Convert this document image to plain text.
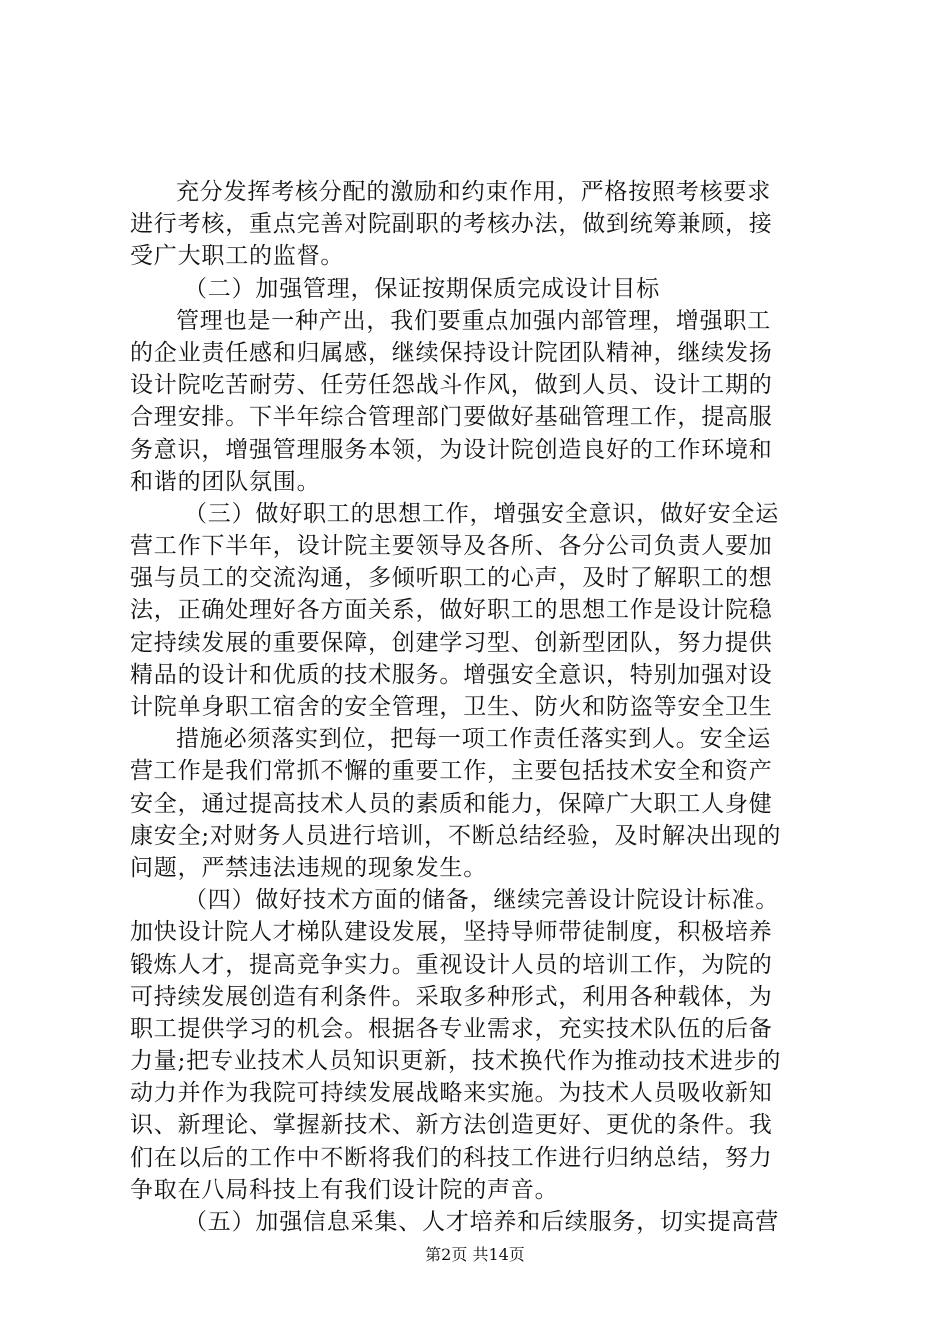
充分发挥考核分配的激励和约束作用，严格按照考核要求
进行考核，重点完善对院副职的考核办法，做到统筹兼顾，接
受广大职工的监督。
（二）加强管理，保证按期保质完成设计目标
管理也是一种产出，我们要重点加强内部管理，增强职工
的企业责任感和归属感，继续保持设计院团队精神，继续发扬
设计院吃苦耐劳、任劳任怨战斗作风，做到人员、设计工期的
合理安排。下半年综合管理部门要做好基础管理工作，提高服
务意识，增强管理服务本领，为设计院创造良好的工作环境和
和谐的团队氛围。
（三）做好职工的思想工作，增强安全意识，做好安全运
营工作下半年，设计院主要领导及各所、各分公司负责人要加
强与员工的交流沟通，多倾听职工的心声，及时了解职工的想
法，正确处理好各方面关系，做好职工的思想工作是设计院稳
定持续发展的重要保障，创建学习型、创新型团队，努力提供
精品的设计和优质的技术服务。增强安全意识，特别加强对设
计院单身职工宿舍的安全管理，卫生、防火和防盗等安全卫生
措施必须落实到位，把每一项工作责任落实到人。安全运
营工作是我们常抓不懈的重要工作，主要包括技术安全和资产
安全，通过提高技术人员的素质和能力，保障广大职工人身健
康安全;对财务人员进行培训，不断总结经验，及时解决出现的
问题，严禁违法违规的现象发生。
（四）做好技术方面的储备，继续完善设计院设计标准。
加快设计院人才梯队建设发展，坚持导师带徒制度，积极培养
锻炼人才，提高竞争实力。重视设计人员的培训工作，为院的
可持续发展创造有利条件。采取多种形式，利用各种载体，为
职工提供学习的机会。根据各专业需求，充实技术队伍的后备
力量;把专业技术人员知识更新，技术换代作为推动技术进步的
动力并作为我院可持续发展战略来实施。为技术人员吸收新知
识、新理论、掌握新技术、新方法创造更好、更优的条件。我
们在以后的工作中不断将我们的科技工作进行归纳总结，努力
争取在八局科技上有我们设计院的声音。
（五）加强信息采集、人才培养和后续服务，切实提高营
第2页 共14页
